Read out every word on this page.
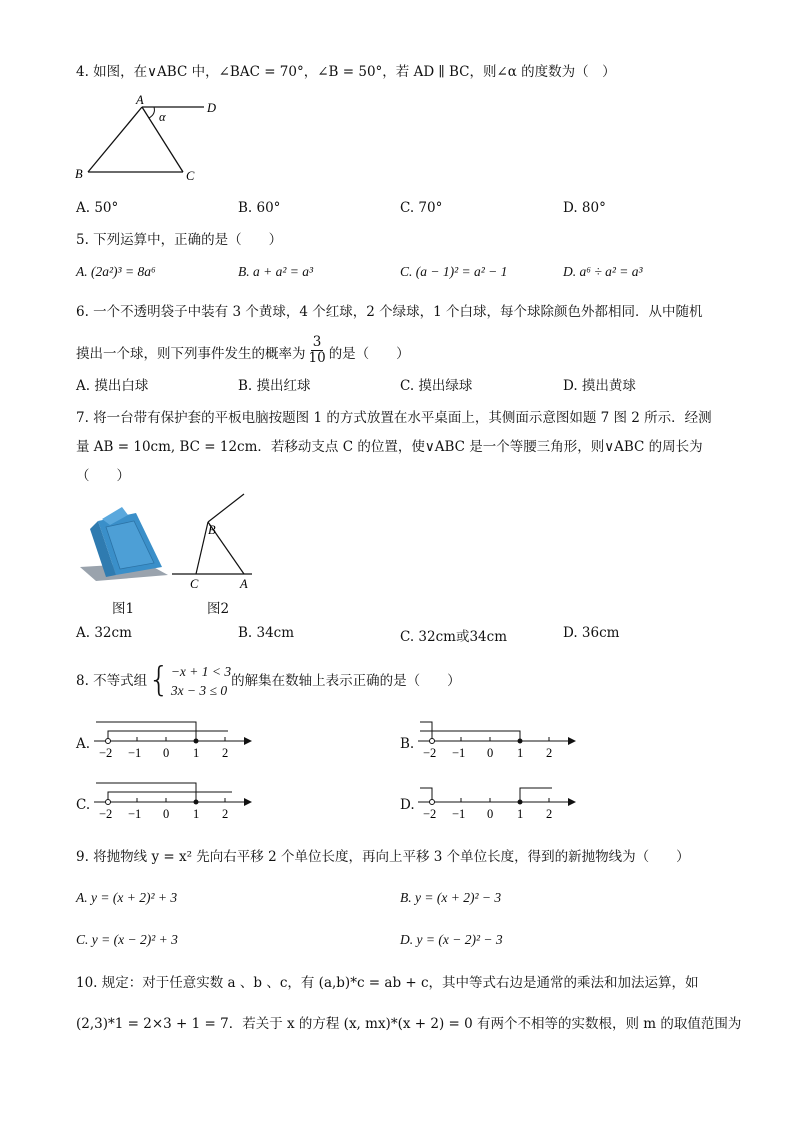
4. 如图，在∨ABC 中，∠BAC = 70°，∠B = 50°，若 AD ∥ BC，则∠α 的度数为（　）
A
D
B	C
α
A. 50°	B. 60°	C. 70°	D. 80°
5. 下列运算中，正确的是（　　）
A. (2a²)³ = 8a⁶	B. a + a² = a³	C. (a − 1)² = a² − 1	D. a⁶ ÷ a² = a³
6. 一个不透明袋子中装有 3 个黄球，4 个红球，2 个绿球，1 个白球，每个球除颜色外都相同．从中随机
摸出一个球，则下列事件发生的概率为 $\frac{3}{10}$ 的是（　　）
A. 摸出白球	B. 摸出红球	C. 摸出绿球	D. 摸出黄球
7. 将一台带有保护套的平板电脑按题图 1 的方式放置在水平桌面上，其侧面示意图如题 7 图 2 所示．经测
量 AB = 10cm, BC = 12cm．若移动支点 C 的位置，使∨ABC 是一个等腰三角形，则∨ABC 的周长为
（　　）
图1
B
C	A
图2
A. 32cm	B. 34cm	C. 32cm或34cm	D. 36cm
8. 不等式组 { −x + 1 < 3
3x − 3 ≤ 0
的解集在数轴上表示正确的是（　　）
A.
−2 −1 0 1 2
B.
−2 −1 0 1 2
C.
−2 −1 0 1 2
D.
−2 −1 0 1 2
9. 将抛物线 y = x² 先向右平移 2 个单位长度，再向上平移 3 个单位长度，得到的新抛物线为（　　）
A. y = (x + 2)² + 3	B. y = (x + 2)² − 3
C. y = (x − 2)² + 3	D. y = (x − 2)² − 3
10. 规定：对于任意实数 a 、b 、c，有 (a,b)*c = ab + c，其中等式右边是通常的乘法和加法运算，如
(2,3)*1 = 2×3 + 1 = 7．若关于 x 的方程 (x, mx)*(x + 2) = 0 有两个不相等的实数根，则 m 的取值范围为
